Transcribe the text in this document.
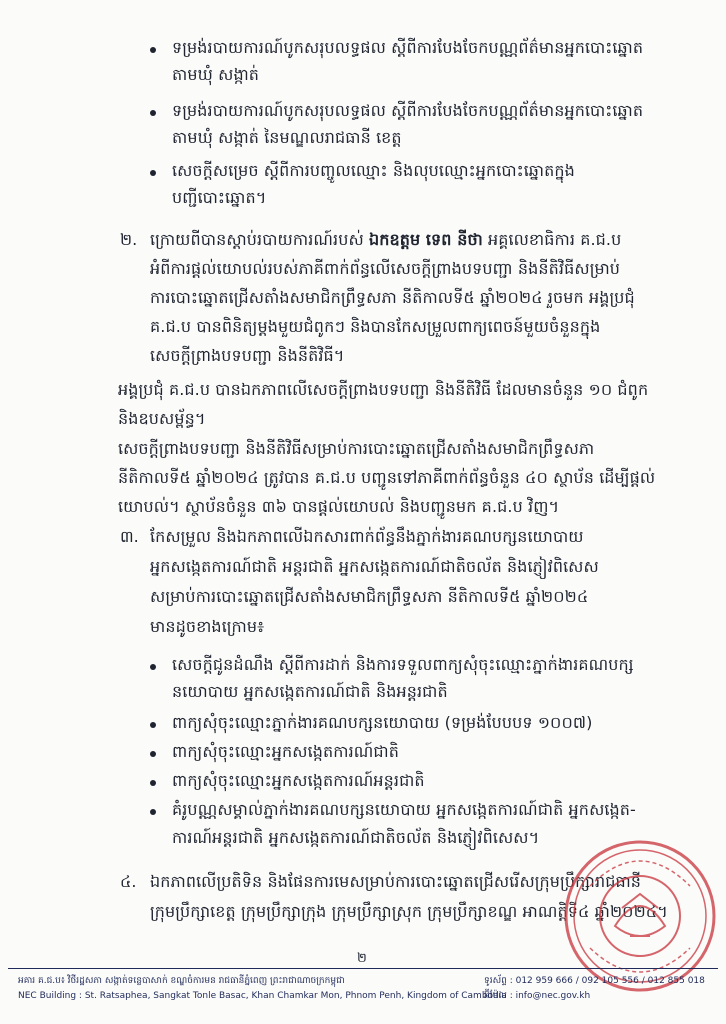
ទម្រង់របាយការណ៍បូកសរុបលទ្ធផល ស្តីពីការបែងចែកបណ្ណព័ត៌មានអ្នកបោះឆ្នោត
តាមឃុំ សង្កាត់
ទម្រង់របាយការណ៍បូកសរុបលទ្ធផល ស្តីពីការបែងចែកបណ្ណព័ត៌មានអ្នកបោះឆ្នោត
តាមឃុំ សង្កាត់ នៃមណ្ឌលរាជធានី ខេត្ត
សេចក្តីសម្រេច ស្តីពីការបញ្ចូលឈ្មោះ និងលុបឈ្មោះអ្នកបោះឆ្នោតក្នុង
បញ្ជីបោះឆ្នោត។
២. ក្រោយពីបានស្តាប់របាយការណ៍របស់ ឯកឧត្តម ទេព នីថា អគ្គលេខាធិការ គ.ជ.ប
អំពីការផ្តល់យោបល់របស់ភាគីពាក់ព័ន្ធលើសេចក្តីព្រាងបទបញ្ជា និងនីតិវិធីសម្រាប់
ការបោះឆ្នោតជ្រើសតាំងសមាជិកព្រឹទ្ធសភា នីតិកាលទី៥ ឆ្នាំ២០២៤ រួចមក អង្គប្រជុំ
គ.ជ.ប បានពិនិត្យម្តងមួយជំពូកៗ និងបានកែសម្រួលពាក្យពេចន៍មួយចំនួនក្នុង
សេចក្តីព្រាងបទបញ្ជា និងនីតិវិធី។
អង្គប្រជុំ គ.ជ.ប បានឯកភាពលើសេចក្តីព្រាងបទបញ្ជា និងនីតិវិធី ដែលមានចំនួន ១០ ជំពូក
និងឧបសម្ព័ន្ធ។
សេចក្តីព្រាងបទបញ្ជា និងនីតិវិធីសម្រាប់ការបោះឆ្នោតជ្រើសតាំងសមាជិកព្រឹទ្ធសភា
នីតិកាលទី៥ ឆ្នាំ២០២៤ ត្រូវបាន គ.ជ.ប បញ្ជូនទៅភាគីពាក់ព័ន្ធចំនួន ៤០ ស្ថាប័ន ដើម្បីផ្តល់
យោបល់។ ស្ថាប័នចំនួន ៣៦ បានផ្តល់យោបល់ និងបញ្ជូនមក គ.ជ.ប វិញ។
៣. កែសម្រួល និងឯកភាពលើឯកសារពាក់ព័ន្ធនឹងភ្នាក់ងារគណបក្សនយោបាយ
អ្នកសង្កេតការណ៍ជាតិ អន្តរជាតិ អ្នកសង្កេតការណ៍ជាតិចល័ត និងភ្ញៀវពិសេស
សម្រាប់ការបោះឆ្នោតជ្រើសតាំងសមាជិកព្រឹទ្ធសភា នីតិកាលទី៥ ឆ្នាំ២០២៤
មានដូចខាងក្រោម៖
សេចក្តីជូនដំណឹង ស្តីពីការដាក់ និងការទទួលពាក្យសុំចុះឈ្មោះភ្នាក់ងារគណបក្ស
នយោបាយ អ្នកសង្កេតការណ៍ជាតិ និងអន្តរជាតិ
ពាក្យសុំចុះឈ្មោះភ្នាក់ងារគណបក្សនយោបាយ (ទម្រង់បែបបទ ១០០៧)
ពាក្យសុំចុះឈ្មោះអ្នកសង្កេតការណ៍ជាតិ
ពាក្យសុំចុះឈ្មោះអ្នកសង្កេតការណ៍អន្តរជាតិ
គំរូបណ្ណសម្គាល់ភ្នាក់ងារគណបក្សនយោបាយ អ្នកសង្កេតការណ៍ជាតិ អ្នកសង្កេត-
ការណ៍អន្តរជាតិ អ្នកសង្កេតការណ៍ជាតិចល័ត និងភ្ញៀវពិសេស។
៤. ឯកភាពលើប្រតិទិន និងផែនការមេសម្រាប់ការបោះឆ្នោតជ្រើសរើសក្រុមប្រឹក្សារាជធានី
ក្រុមប្រឹក្សាខេត្ត ក្រុមប្រឹក្សាក្រុង ក្រុមប្រឹក្សាស្រុក ក្រុមប្រឹក្សាខណ្ឌ អាណត្តិទី៤ ឆ្នាំ២០២៤។
២
អគារ គ.ជ.ប៖ វិថីរដ្ឋសភា សង្កាត់ទន្លេបាសាក់ ខណ្ឌចំការមន រាជធានីភ្នំពេញ ព្រះរាជាណាចក្រកម្ពុជា
NEC Building : St. Ratsaphea, Sangkat Tonle Basac, Khan Chamkar Mon, Phnom Penh, Kingdom of Cambodia
ទូរស័ព្ទ : 012 959 666 / 092 105 556 / 012 855 018
អ៊ីម៉ែល : info@nec.gov.kh
